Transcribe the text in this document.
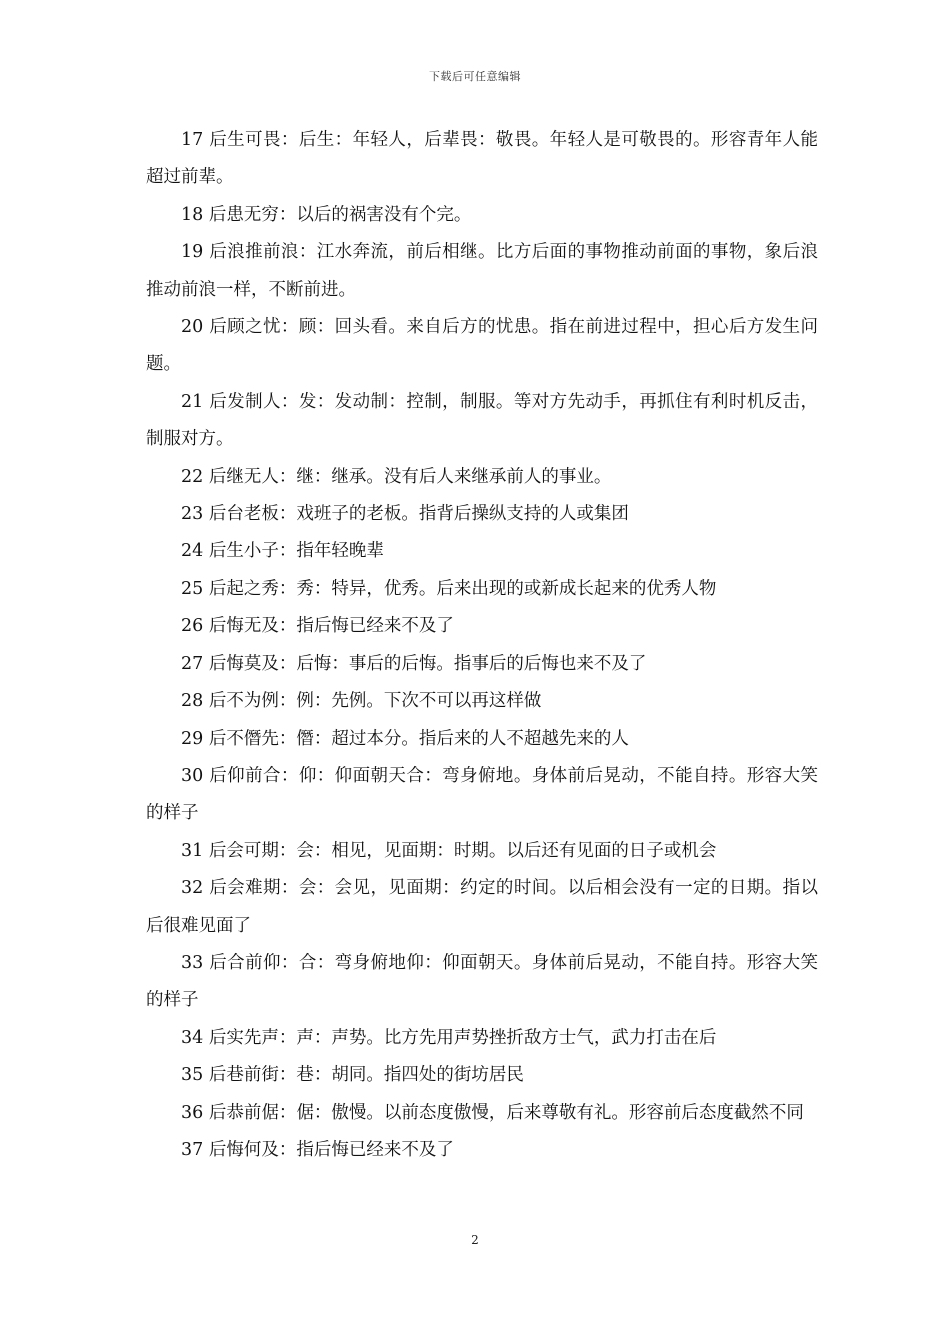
下载后可任意编辑

17 后生可畏：后生：年轻人，后辈畏：敬畏。年轻人是可敬畏的。形容青年人能超过前辈。

18 后患无穷：以后的祸害没有个完。

19 后浪推前浪：江水奔流，前后相继。比方后面的事物推动前面的事物，象后浪推动前浪一样，不断前进。

20 后顾之忧：顾：回头看。来自后方的忧患。指在前进过程中，担心后方发生问题。

21 后发制人：发：发动制：控制，制服。等对方先动手，再抓住有利时机反击，制服对方。

22 后继无人：继：继承。没有后人来继承前人的事业。

23 后台老板：戏班子的老板。指背后操纵支持的人或集团

24 后生小子：指年轻晚辈

25 后起之秀：秀：特异，优秀。后来出现的或新成长起来的优秀人物

26 后悔无及：指后悔已经来不及了

27 后悔莫及：后悔：事后的后悔。指事后的后悔也来不及了

28 后不为例：例：先例。下次不可以再这样做

29 后不僭先：僭：超过本分。指后来的人不超越先来的人

30 后仰前合：仰：仰面朝天合：弯身俯地。身体前后晃动，不能自持。形容大笑的样子

31 后会可期：会：相见，见面期：时期。以后还有见面的日子或机会

32 后会难期：会：会见，见面期：约定的时间。以后相会没有一定的日期。指以后很难见面了

33 后合前仰：合：弯身俯地仰：仰面朝天。身体前后晃动，不能自持。形容大笑的样子

34 后实先声：声：声势。比方先用声势挫折敌方士气，武力打击在后

35 后巷前街：巷：胡同。指四处的街坊居民

36 后恭前倨：倨：傲慢。以前态度傲慢，后来尊敬有礼。形容前后态度截然不同

37 后悔何及：指后悔已经来不及了

2
